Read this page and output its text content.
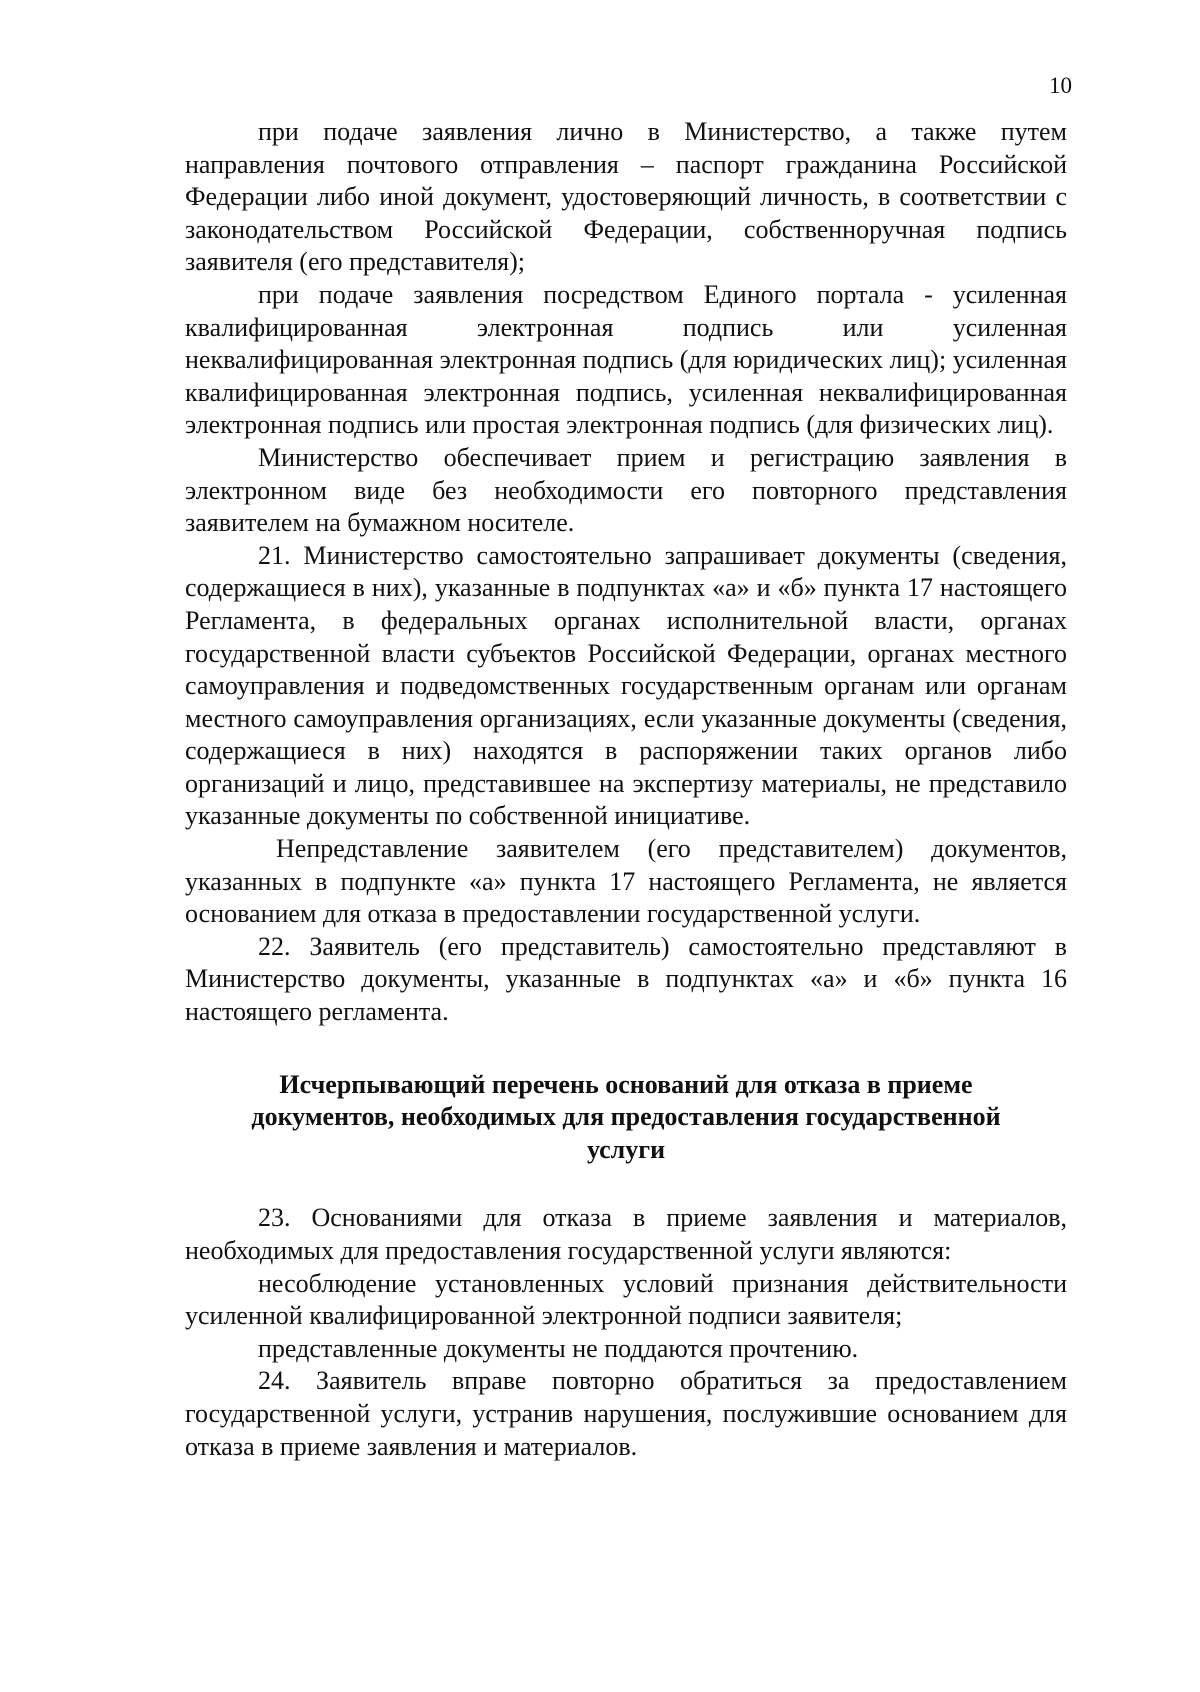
10

при подаче заявления лично в Министерство, а также путем направления почтового отправления – паспорт гражданина Российской Федерации либо иной документ, удостоверяющий личность, в соответствии с законодательством Российской Федерации, собственноручная подпись заявителя (его представителя);

при подаче заявления посредством Единого портала - усиленная квалифицированная электронная подпись или усиленная неквалифицированная электронная подпись (для юридических лиц); усиленная квалифицированная электронная подпись, усиленная неквалифицированная электронная подпись или простая электронная подпись (для физических лиц).

Министерство обеспечивает прием и регистрацию заявления в электронном виде без необходимости его повторного представления заявителем на бумажном носителе.

21. Министерство самостоятельно запрашивает документы (сведения, содержащиеся в них), указанные в подпунктах «а» и «б» пункта 17 настоящего Регламента, в федеральных органах исполнительной власти, органах государственной власти субъектов Российской Федерации, органах местного самоуправления и подведомственных государственным органам или органам местного самоуправления организациях, если указанные документы (сведения, содержащиеся в них) находятся в распоряжении таких органов либо организаций и лицо, представившее на экспертизу материалы, не представило указанные документы по собственной инициативе.

Непредставление заявителем (его представителем) документов, указанных в подпункте «а» пункта 17 настоящего Регламента, не является основанием для отказа в предоставлении государственной услуги.

22. Заявитель (его представитель) самостоятельно представляют в Министерство документы, указанные в подпунктах «а» и «б» пункта 16 настоящего регламента.

Исчерпывающий перечень оснований для отказа в приеме документов, необходимых для предоставления государственной услуги

23. Основаниями для отказа в приеме заявления и материалов, необходимых для предоставления государственной услуги являются:

несоблюдение установленных условий признания действительности усиленной квалифицированной электронной подписи заявителя;

представленные документы не поддаются прочтению.

24. Заявитель вправе повторно обратиться за предоставлением государственной услуги, устранив нарушения, послужившие основанием для отказа в приеме заявления и материалов.
